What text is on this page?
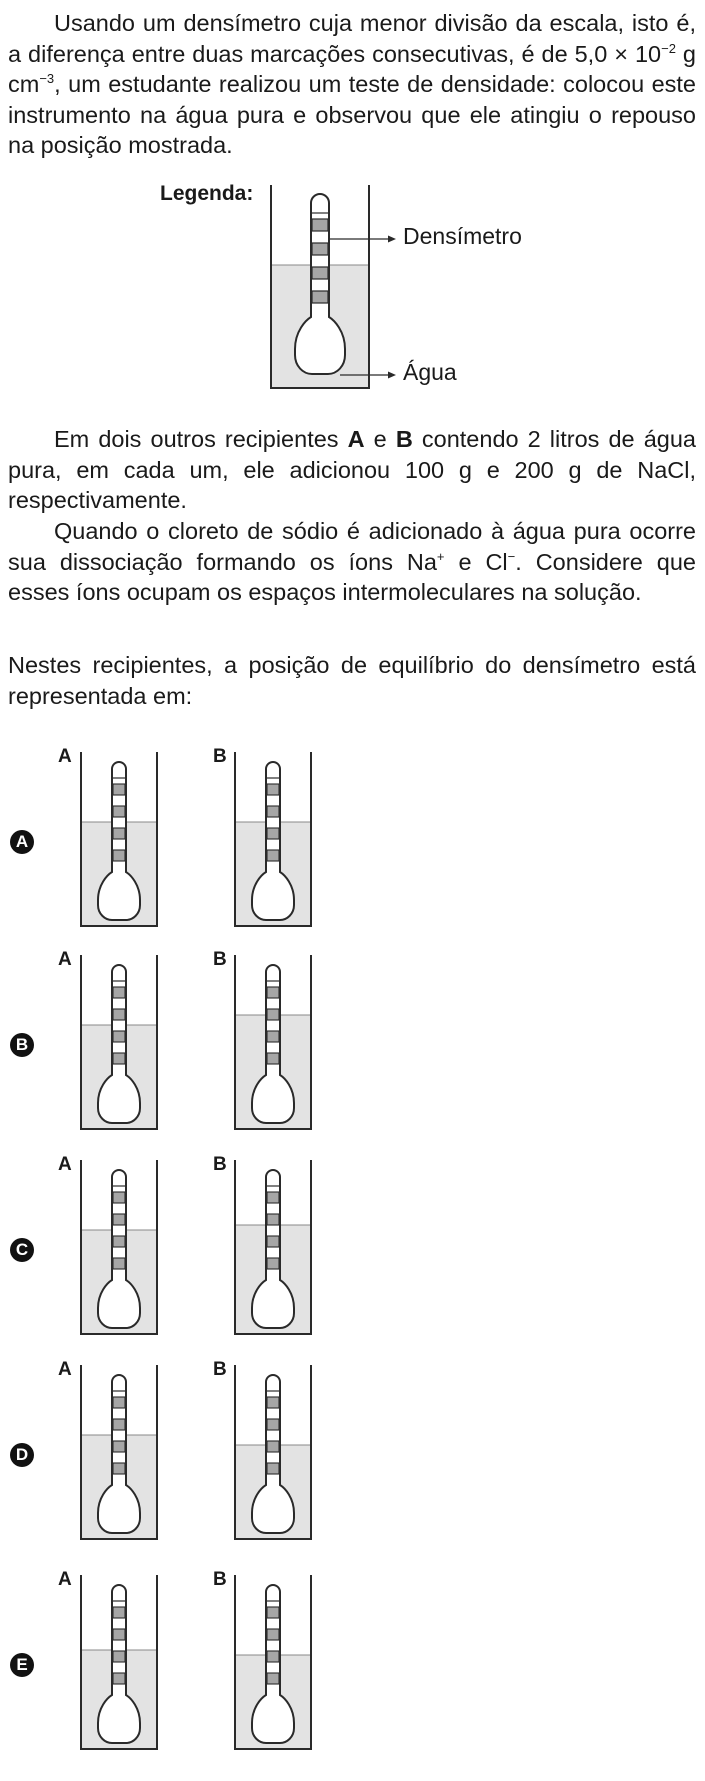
Usando um densímetro cuja menor divisão da escala, isto é, a diferença entre duas marcações consecutivas, é de $5,0 \times 10^{-2}$ g $cm^{-3}$, um estudante realizou um teste de densidade: colocou este instrumento na água pura e observou que ele atingiu o repouso na posição mostrada.

Legenda:
Densímetro
Água

Em dois outros recipientes A e B contendo 2 litros de água pura, em cada um, ele adicionou 100 g e 200 g de NaCl, respectivamente.

Quando o cloreto de sódio é adicionado à água pura ocorre sua dissociação formando os íons Na+ e Cl−. Considere que esses íons ocupam os espaços intermoleculares na solução.

Nestes recipientes, a posição de equilíbrio do densímetro está representada em:

A
A	B
B
A	B
C
A	B
D
A	B
E
A	B
